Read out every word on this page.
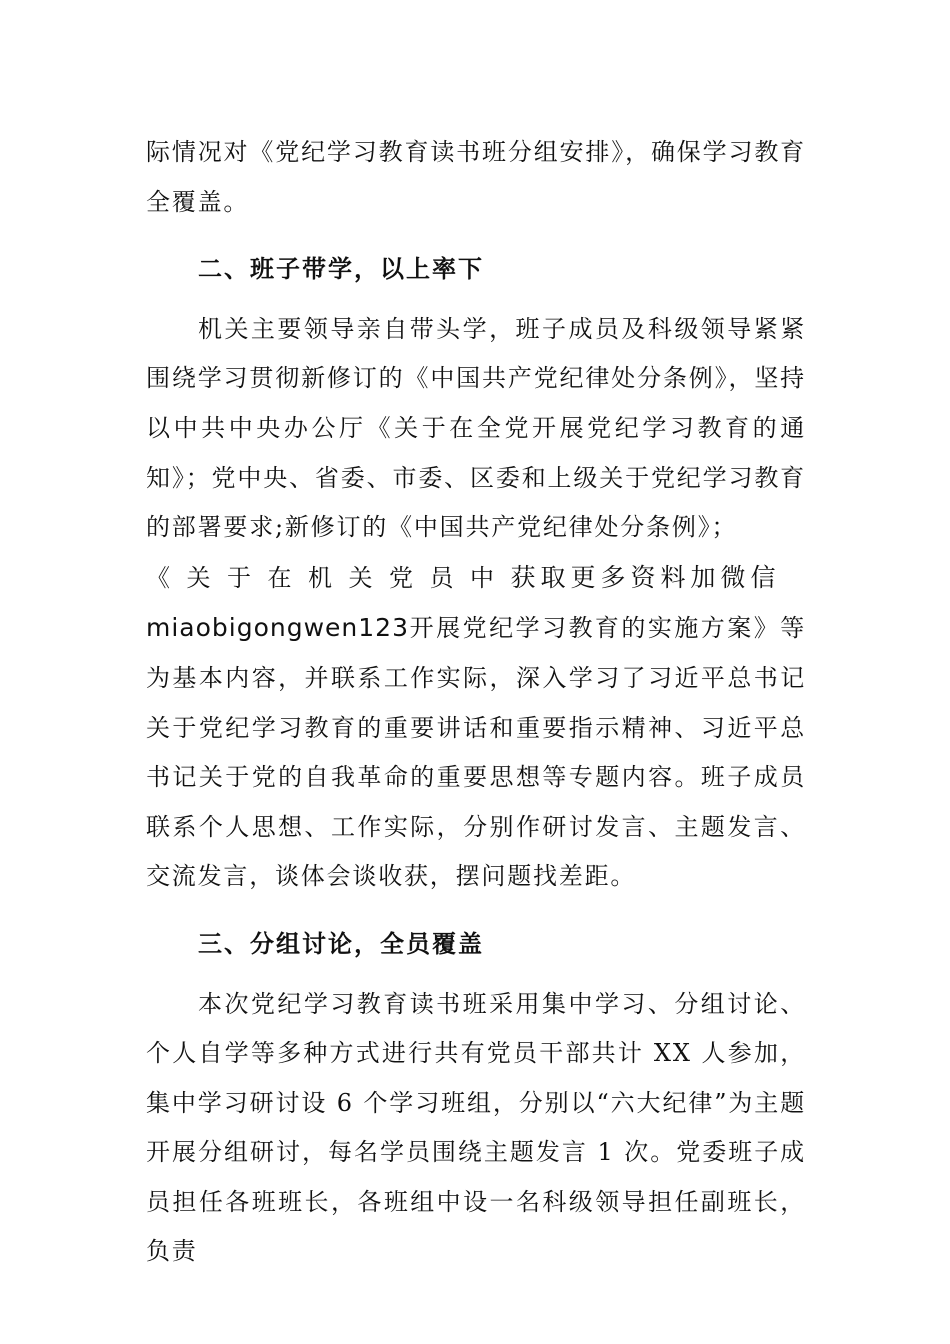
际情况对《党纪学习教育读书班分组安排》，确保学习教育全覆盖。

二、班子带学，以上率下

机关主要领导亲自带头学，班子成员及科级领导紧紧围绕学习贯彻新修订的《中国共产党纪律处分条例》，坚持以中共中央办公厅《关于在全党开展党纪学习教育的通知》；党中央、省委、市委、区委和上级关于党纪学习教育的部署要求;新修订的《中国共产党纪律处分条例》；
《关于在机关党员中获取更多资料加微信
miaobigongwen123开展党纪学习教育的实施方案》等为基本内容，并联系工作实际，深入学习了习近平总书记关于党纪学习教育的重要讲话和重要指示精神、习近平总书记关于党的自我革命的重要思想等专题内容。班子成员联系个人思想、工作实际，分别作研讨发言、主题发言、交流发言，谈体会谈收获，摆问题找差距。

三、分组讨论，全员覆盖

本次党纪学习教育读书班采用集中学习、分组讨论、个人自学等多种方式进行共有党员干部共计 XX 人参加，集中学习研讨设 6 个学习班组，分别以“六大纪律”为主题开展分组研讨，每名学员围绕主题发言 1 次。党委班子成员担任各班班长，各班组中设一名科级领导担任副班长，负责
